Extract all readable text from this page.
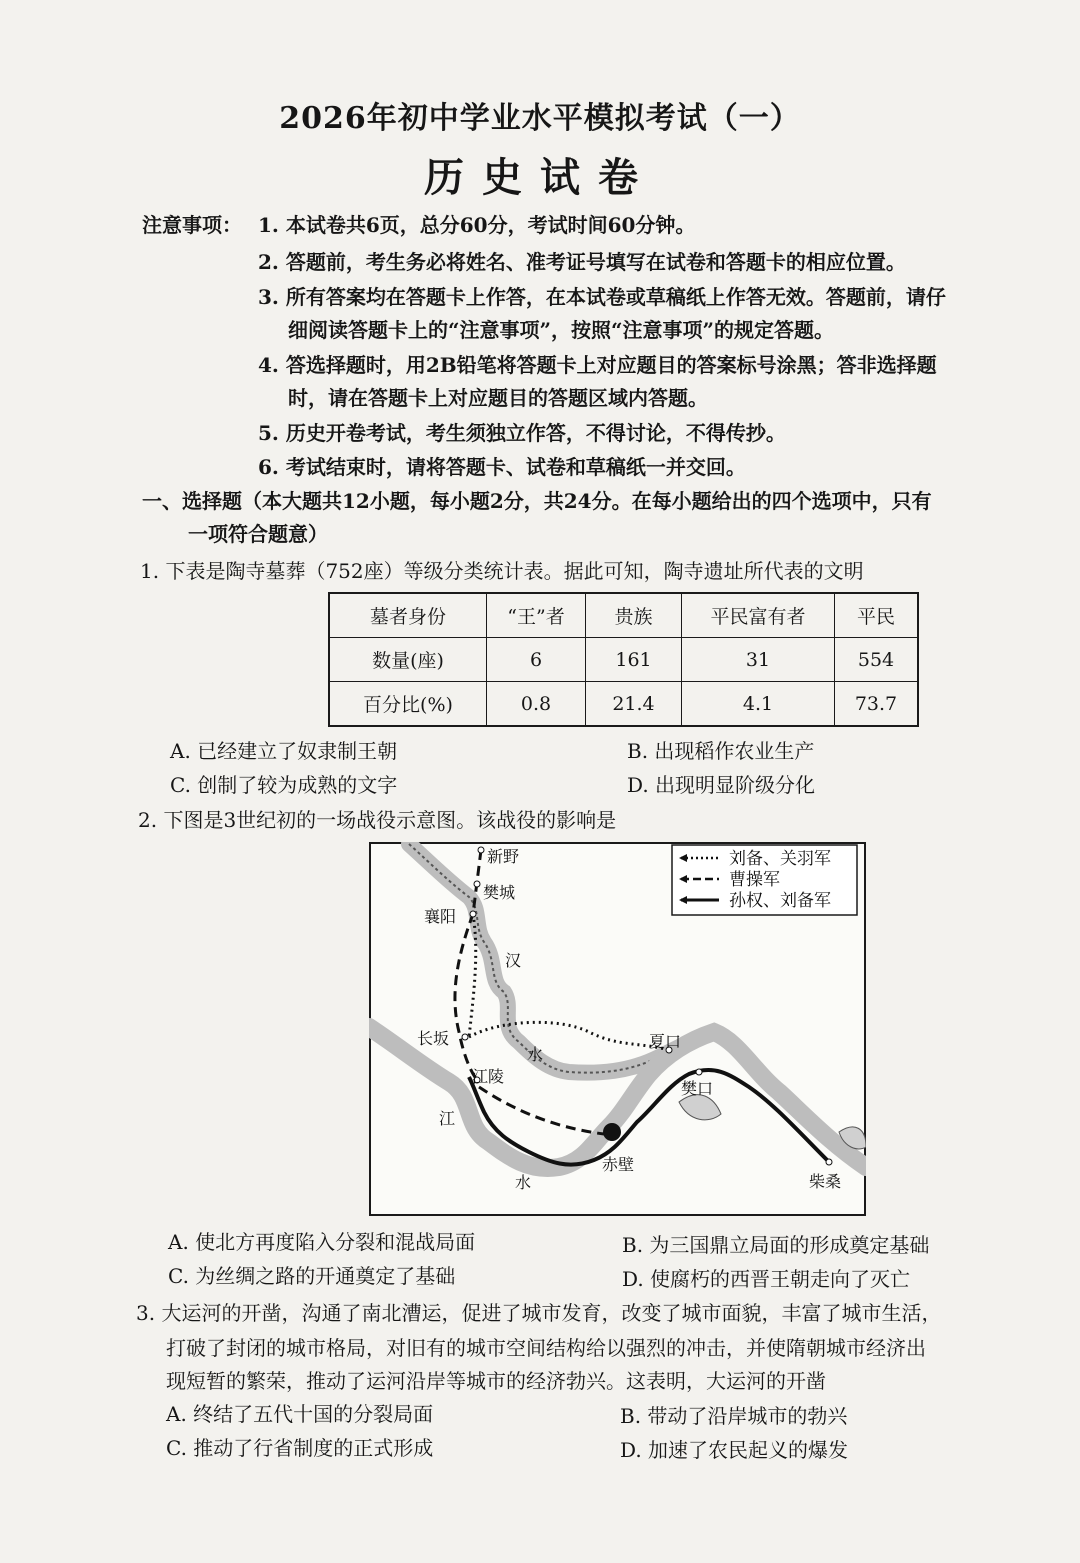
2026年初中学业水平模拟考试（一）
历史试卷
注意事项： 1. 本试卷共6页，总分60分，考试时间60分钟。
2. 答题前，考生务必将姓名、准考证号填写在试卷和答题卡的相应位置。
3. 所有答案均在答题卡上作答，在本试卷或草稿纸上作答无效。答题前，请仔
细阅读答题卡上的“注意事项”，按照“注意事项”的规定答题。
4. 答选择题时，用2B铅笔将答题卡上对应题目的答案标号涂黑；答非选择题
时，请在答题卡上对应题目的答题区域内答题。
5. 历史开卷考试，考生须独立作答，不得讨论，不得传抄。
6. 考试结束时，请将答题卡、试卷和草稿纸一并交回。
一、选择题（本大题共12小题，每小题2分，共24分。在每小题给出的四个选项中，只有
一项符合题意）
1. 下表是陶寺墓葬（752座）等级分类统计表。据此可知，陶寺遗址所代表的文明
墓者身份	“王”者	贵族	平民富有者	平民
数量(座)	6	161	31	554
百分比(%)	0.8	21.4	4.1	73.7
A. 已经建立了奴隶制王朝	B. 出现稻作农业生产
C. 创制了较为成熟的文字	D. 出现明显阶级分化
2. 下图是3世纪初的一场战役示意图。该战役的影响是
刘备、关羽军
曹操军
孙权、刘备军
新野
樊城
襄阳
汉
长坂
水
夏口
江陵
樊口
江
赤壁
水	柴桑
A. 使北方再度陷入分裂和混战局面	B. 为三国鼎立局面的形成奠定基础
C. 为丝绸之路的开通奠定了基础	D. 使腐朽的西晋王朝走向了灭亡
3. 大运河的开凿，沟通了南北漕运，促进了城市发育，改变了城市面貌，丰富了城市生活，
打破了封闭的城市格局，对旧有的城市空间结构给以强烈的冲击，并使隋朝城市经济出
现短暂的繁荣，推动了运河沿岸等城市的经济勃兴。这表明，大运河的开凿
A. 终结了五代十国的分裂局面	B. 带动了沿岸城市的勃兴
C. 推动了行省制度的正式形成	D. 加速了农民起义的爆发
